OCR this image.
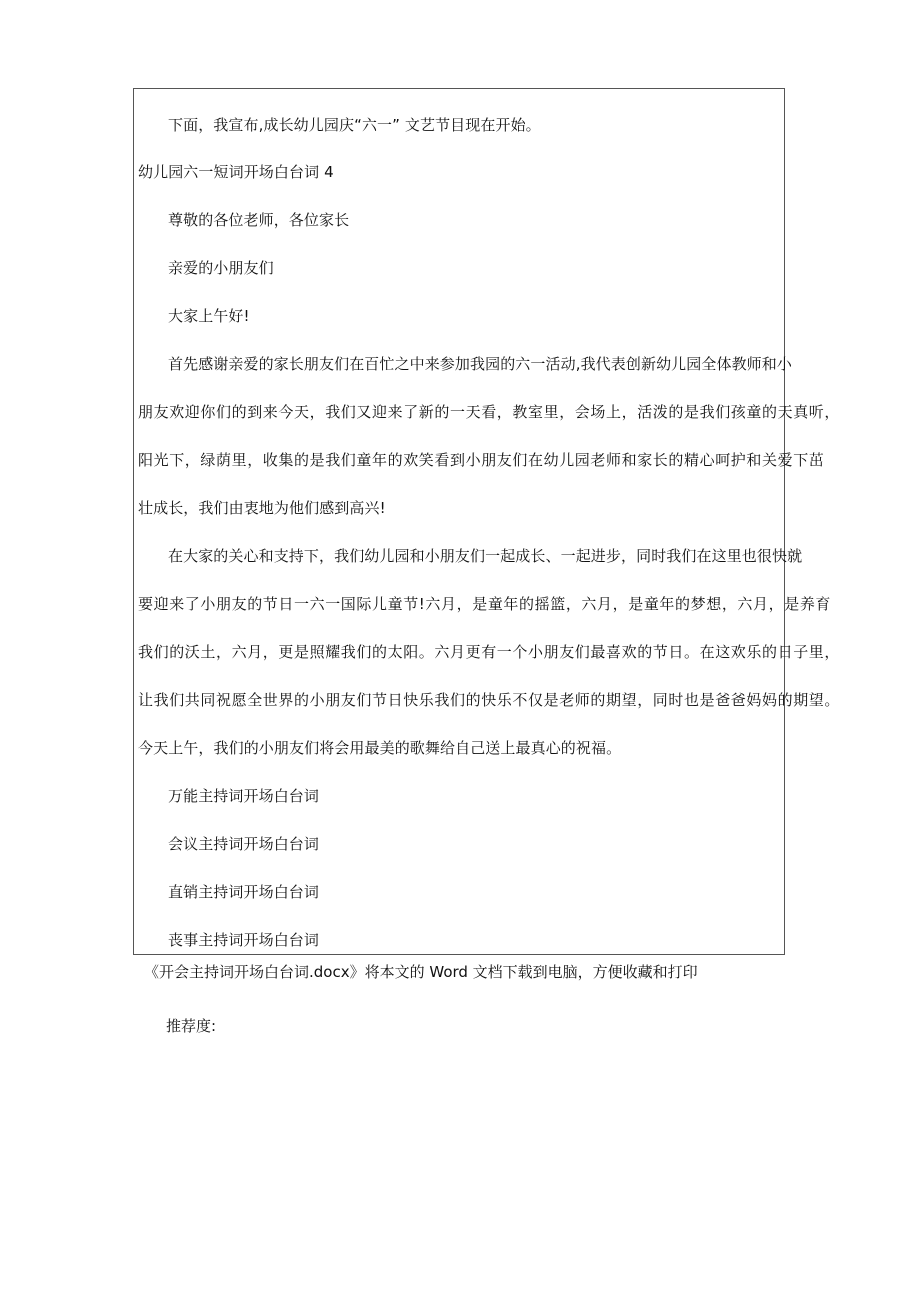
下面，我宣布,成长幼儿园庆“六一” 文艺节目现在开始。
幼儿园六一短词开场白台词 4
尊敬的各位老师，各位家长
亲爱的小朋友们
大家上午好!
首先感谢亲爱的家长朋友们在百忙之中来参加我园的六一活动,我代表创新幼儿园全体教师和小
朋友欢迎你们的到来今天，我们又迎来了新的一天看，教室里，会场上，活泼的是我们孩童的天真听，
阳光下，绿荫里，收集的是我们童年的欢笑看到小朋友们在幼儿园老师和家长的精心呵护和关爱下茁
壮成长，我们由衷地为他们感到高兴!
在大家的关心和支持下，我们幼儿园和小朋友们一起成长、一起进步，同时我们在这里也很快就
要迎来了小朋友的节日一六一国际儿童节!六月，是童年的摇篮，六月，是童年的梦想，六月，是养育
我们的沃土，六月，更是照耀我们的太阳。六月更有一个小朋友们最喜欢的节日。在这欢乐的日子里，
让我们共同祝愿全世界的小朋友们节日快乐我们的快乐不仅是老师的期望，同时也是爸爸妈妈的期望。
今天上午，我们的小朋友们将会用最美的歌舞给自己送上最真心的祝福。
万能主持词开场白台词
会议主持词开场白台词
直销主持词开场白台词
丧事主持词开场白台词
《开会主持词开场白台词.docx》将本文的 Word 文档下载到电脑，方便收藏和打印
推荐度:
